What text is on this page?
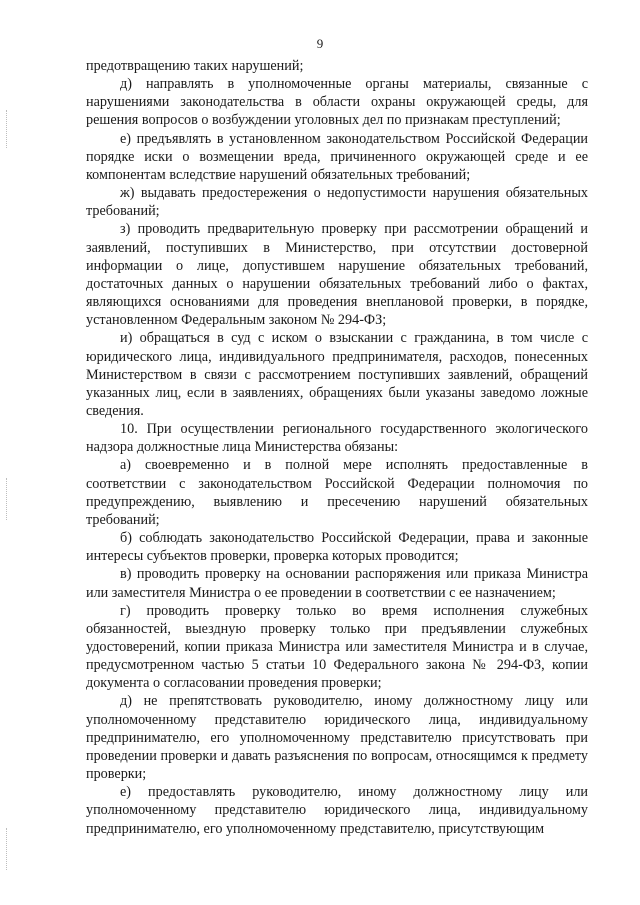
9

предотвращению таких нарушений;

д) направлять в уполномоченные органы материалы, связанные с нарушениями законодательства в области охраны окружающей среды, для решения вопросов о возбуждении уголовных дел по признакам преступлений;

е) предъявлять в установленном законодательством Российской Федерации порядке иски о возмещении вреда, причиненного окружающей среде и ее компонентам вследствие нарушений обязательных требований;

ж) выдавать предостережения о недопустимости нарушения обязательных требований;

з) проводить предварительную проверку при рассмотрении обращений и заявлений, поступивших в Министерство, при отсутствии достоверной информации о лице, допустившем нарушение обязательных требований, достаточных данных о нарушении обязательных требований либо о фактах, являющихся основаниями для проведения внеплановой проверки, в порядке, установленном Федеральным законом № 294-ФЗ;

и) обращаться в суд с иском о взыскании с гражданина, в том числе с юридического лица, индивидуального предпринимателя, расходов, понесенных Министерством в связи с рассмотрением поступивших заявлений, обращений указанных лиц, если в заявлениях, обращениях были указаны заведомо ложные сведения.

10. При осуществлении регионального государственного экологического надзора должностные лица Министерства обязаны:

а) своевременно и в полной мере исполнять предоставленные в соответствии с законодательством Российской Федерации полномочия по предупреждению, выявлению и пресечению нарушений обязательных требований;

б) соблюдать законодательство Российской Федерации, права и законные интересы субъектов проверки, проверка которых проводится;

в) проводить проверку на основании распоряжения или приказа Министра или заместителя Министра о ее проведении в соответствии с ее назначением;

г) проводить проверку только во время исполнения служебных обязанностей, выездную проверку только при предъявлении служебных удостоверений, копии приказа Министра или заместителя Министра и в случае, предусмотренном частью 5 статьи 10 Федерального закона № 294-ФЗ, копии документа о согласовании проведения проверки;

д) не препятствовать руководителю, иному должностному лицу или уполномоченному представителю юридического лица, индивидуальному предпринимателю, его уполномоченному представителю присутствовать при проведении проверки и давать разъяснения по вопросам, относящимся к предмету проверки;

е) предоставлять руководителю, иному должностному лицу или уполномоченному представителю юридического лица, индивидуальному предпринимателю, его уполномоченному представителю, присутствующим
